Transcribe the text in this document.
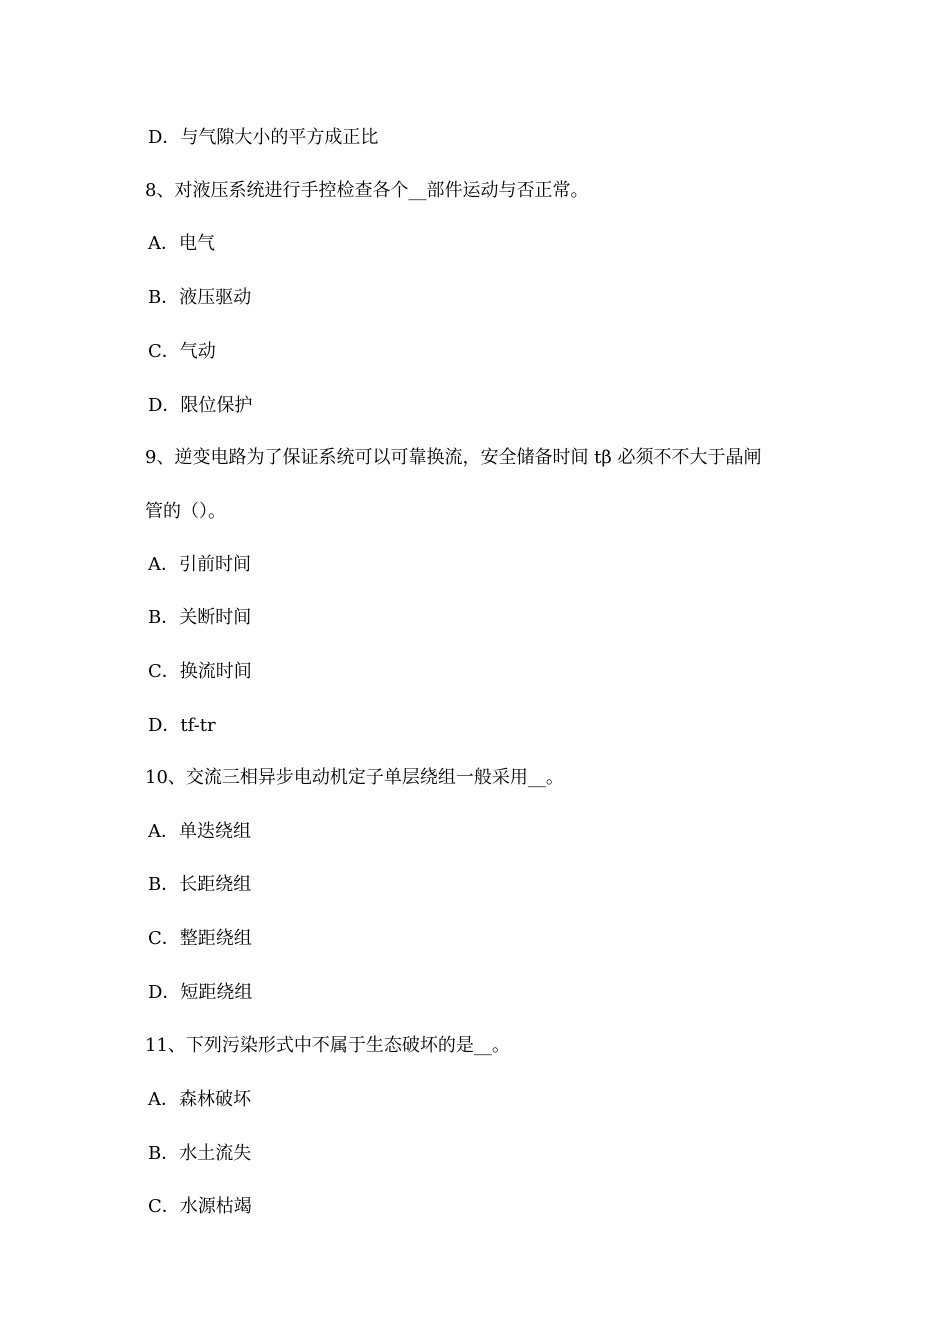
D．与气隙大小的平方成正比
8、对液压系统进行手控检查各个__部件运动与否正常。
A．电气
B．液压驱动
C．气动
D．限位保护
9、逆变电路为了保证系统可以可靠换流，安全储备时间 tβ 必须不不大于晶闸
管的（）。
A．引前时间
B．关断时间
C．换流时间
D．tf-tr
10、交流三相异步电动机定子单层绕组一般采用__。
A．单迭绕组
B．长距绕组
C．整距绕组
D．短距绕组
11、下列污染形式中不属于生态破坏的是__。
A．森林破坏
B．水土流失
C．水源枯竭
